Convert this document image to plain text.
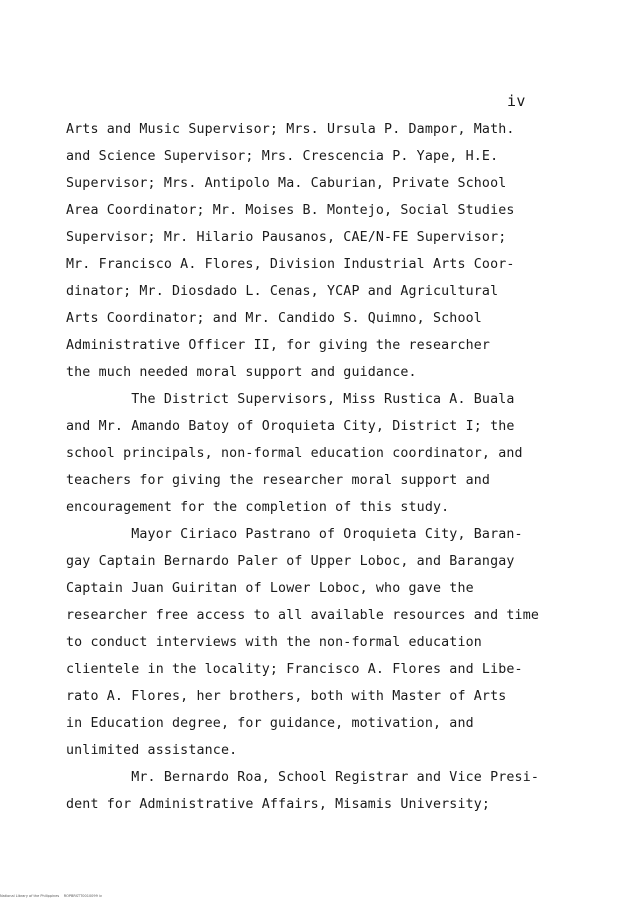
iv
Arts and Music Supervisor; Mrs. Ursula P. Dampor, Math.
and Science Supervisor; Mrs. Crescencia P. Yape, H.E.
Supervisor; Mrs. Antipolo Ma. Caburian, Private School
Area Coordinator; Mr. Moises B. Montejo, Social Studies
Supervisor; Mr. Hilario Pausanos, CAE/N-FE Supervisor;
Mr. Francisco A. Flores, Division Industrial Arts Coor-
dinator; Mr. Diosdado L. Cenas, YCAP and Agricultural
Arts Coordinator; and Mr. Candido S. Quimno, School
Administrative Officer II, for giving the researcher
the much needed moral support and guidance.
The District Supervisors, Miss Rustica A. Buala
and Mr. Amando Batoy of Oroquieta City, District I; the
school principals, non-formal education coordinator, and
teachers for giving the researcher moral support and
encouragement for the completion of this study.
Mayor Ciriaco Pastrano of Oroquieta City, Baran-
gay Captain Bernardo Paler of Upper Loboc, and Barangay
Captain Juan Guiritan of Lower Loboc, who gave the
researcher free access to all available resources and time
to conduct interviews with the non-formal education
clientele in the locality; Francisco A. Flores and Libe-
rato A. Flores, her brothers, both with Master of Arts
in Education degree, for guidance, motivation, and
unlimited assistance.
Mr. Bernardo Roa, School Registrar and Vice Presi-
dent for Administrative Affairs, Misamis University;
National Library of the Philippines    ROPBRSTT0010099 iv
